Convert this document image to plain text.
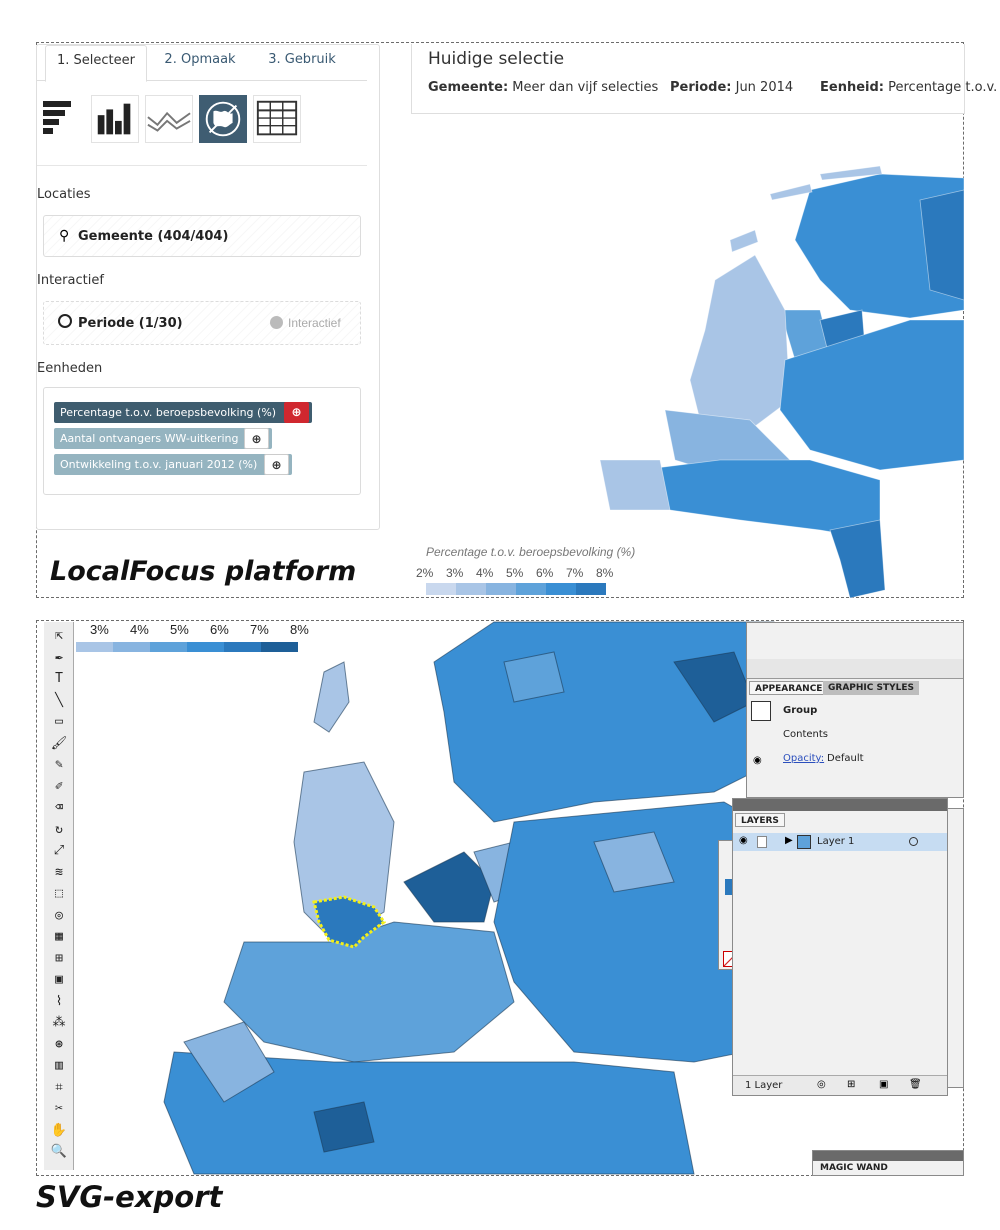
1. Selecteer	2. Opmaak	3. Gebruik
Locaties
⚲ Gemeente (404/404)
Interactief
Periode (1/30)	Interactief
Eenheden
Percentage t.o.v. beroepsbevolking (%)	⊕
Aantal ontvangers WW-uitkering	⊕
Ontwikkeling t.o.v. januari 2012 (%)	⊕
Huidige selectie
Gemeente: Meer dan vijf selecties Periode: Jun 2014 Eenheid: Percentage t.o.v.
Percentage t.o.v. beroepsbevolking (%)
2% 3% 4% 5% 6% 7% 8%
LocalFocus platform
3% 4% 5% 6% 7% 8%
⇱
✒
T
╲
▭
🖌
✎
✐
⌫
↻
⤢
≋
⬚
◎
▦
⊞
▣
⌇
⁂
⊛
▥
⌗
✂
✋
🔍
APPEARANCE GRAPHIC STYLES
Group
Contents
◉ Opacity: Default
LAYERS
◉	▶ Layer 1
1 Layer	◎ ⊞ ▣ 🗑
MAGIC WAND
SVG-export
